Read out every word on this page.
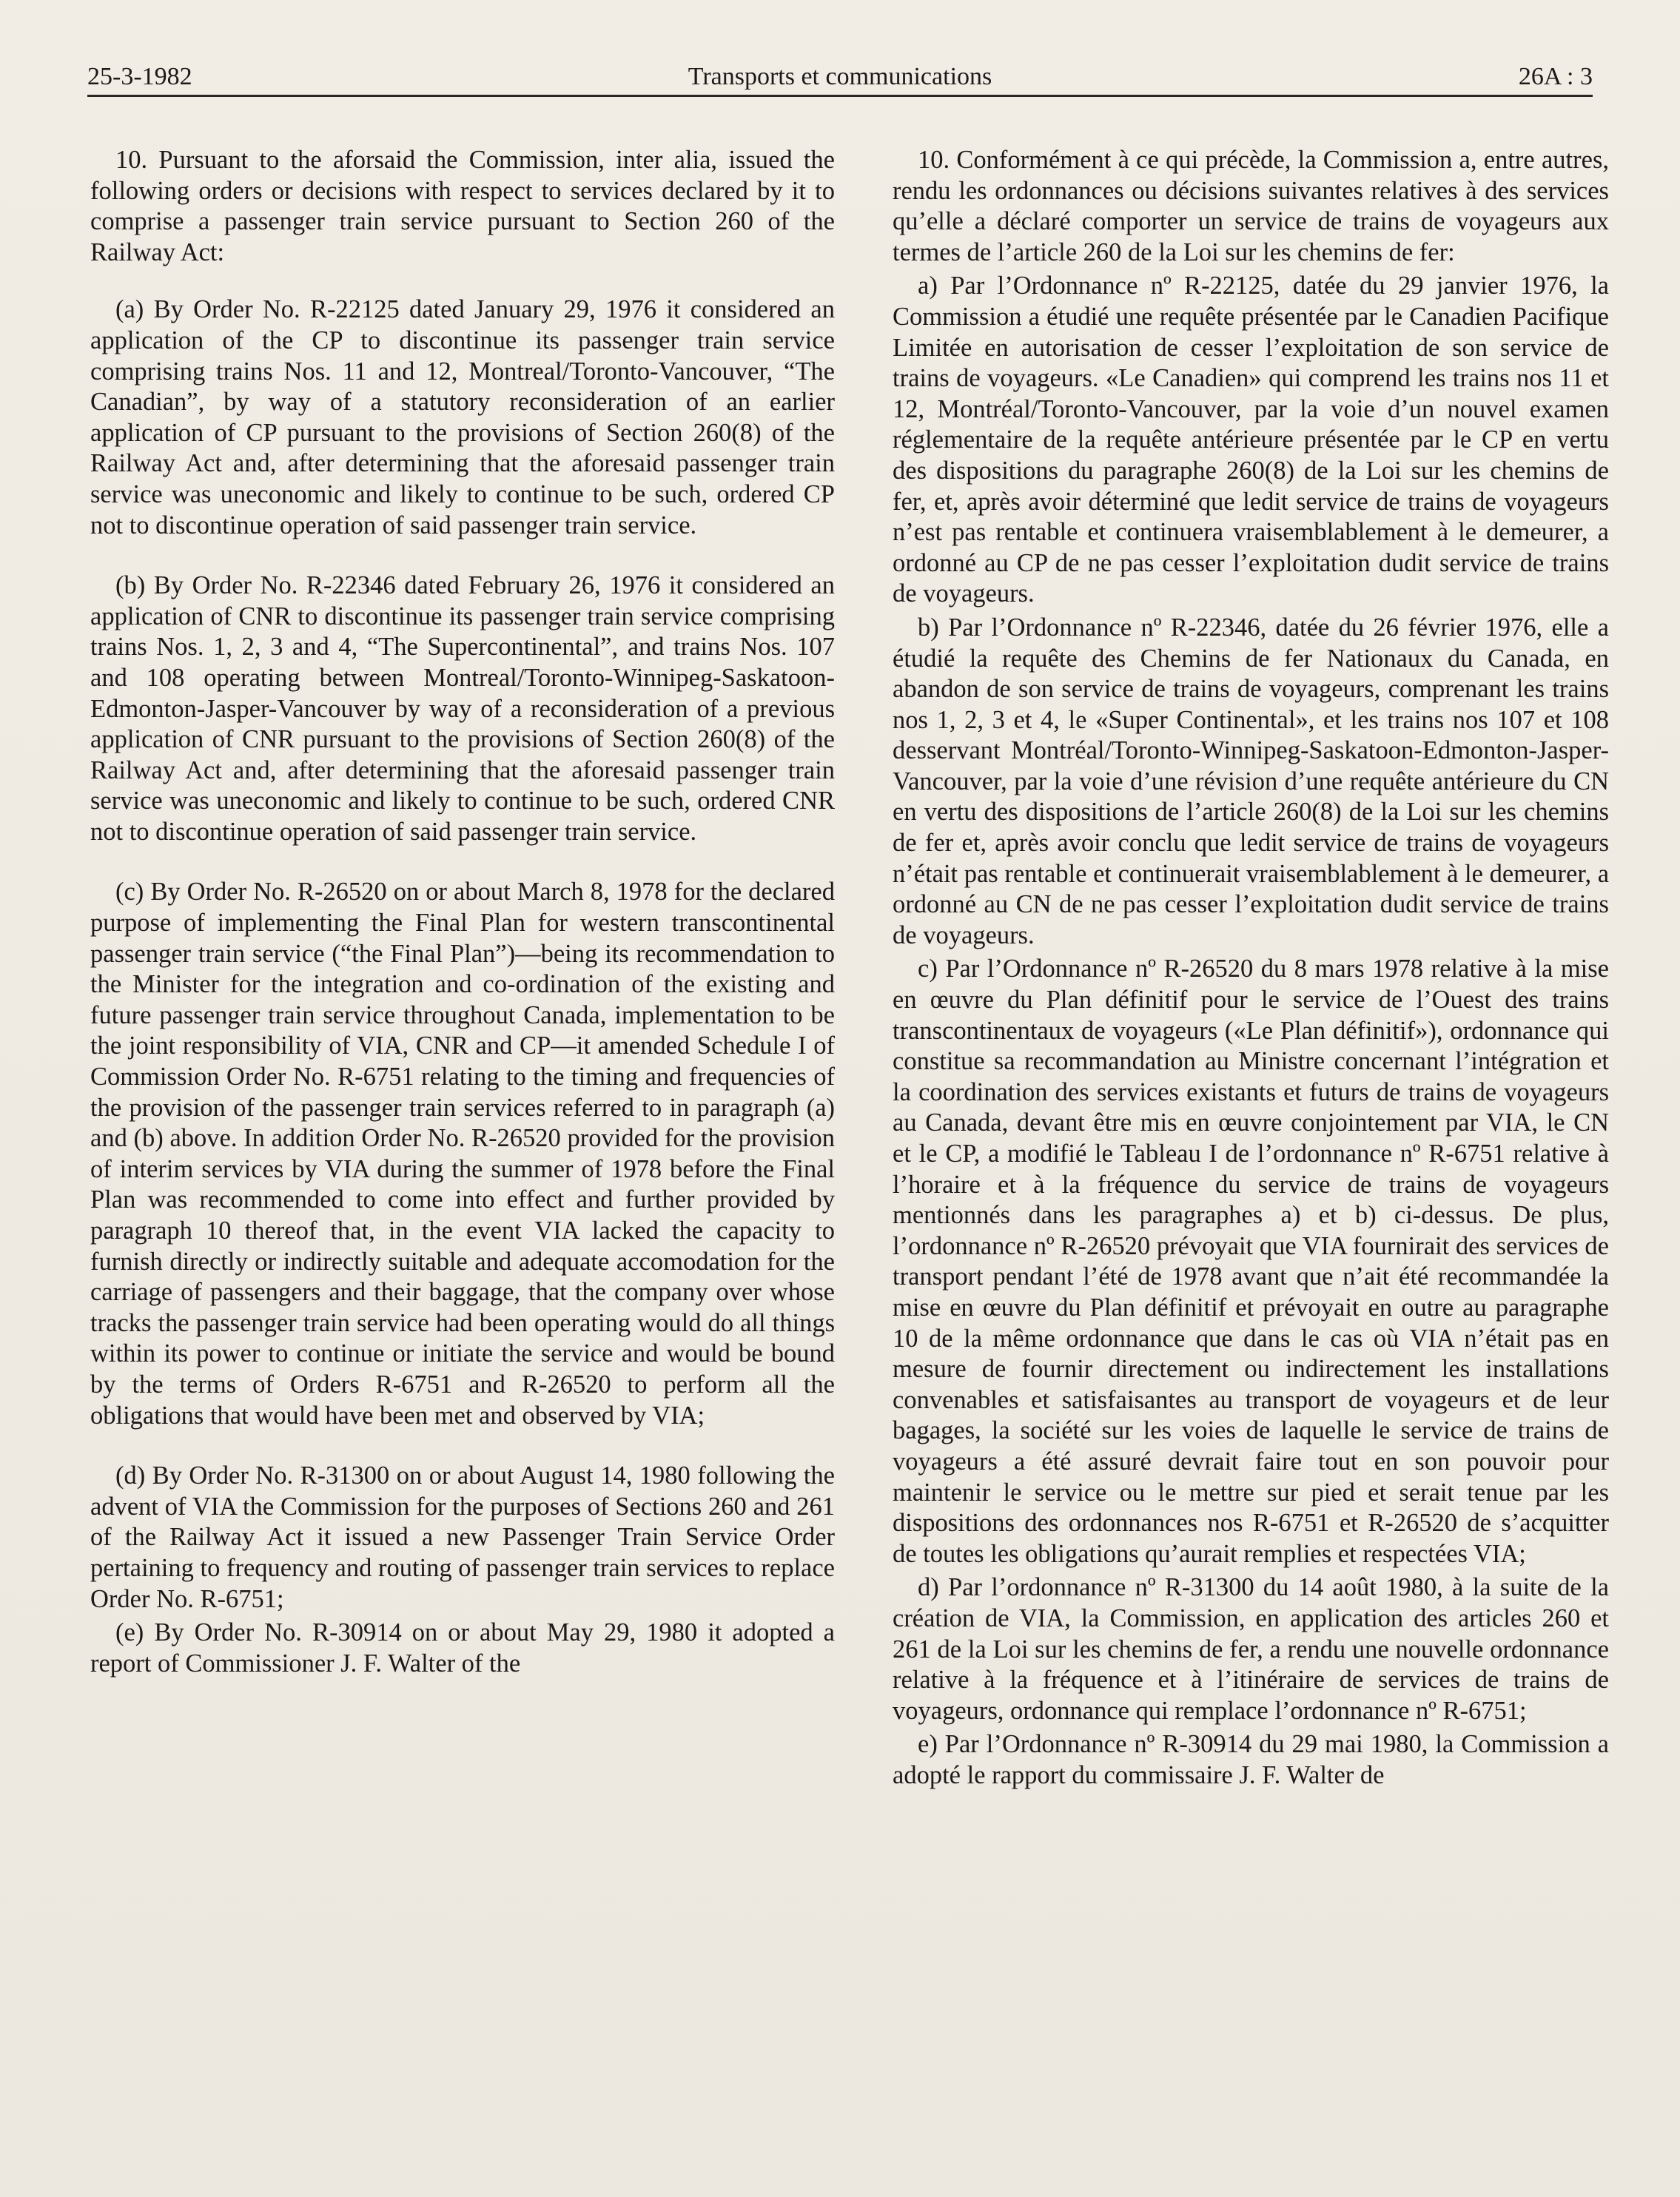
25-3-1982	Transports et communications	26A : 3

10. Pursuant to the aforsaid the Commission, inter alia, issued the following orders or decisions with respect to services declared by it to comprise a passenger train service pursuant to Section 260 of the Railway Act:

(a) By Order No. R-22125 dated January 29, 1976 it considered an application of the CP to discontinue its passenger train service comprising trains Nos. 11 and 12, Montreal/Toronto-Vancouver, “The Canadian”, by way of a statutory reconsideration of an earlier application of CP pursuant to the provisions of Section 260(8) of the Railway Act and, after determining that the aforesaid passenger train service was uneconomic and likely to continue to be such, ordered CP not to discontinue operation of said passenger train service.

(b) By Order No. R-22346 dated February 26, 1976 it considered an application of CNR to discontinue its passenger train service comprising trains Nos. 1, 2, 3 and 4, “The Supercontinental”, and trains Nos. 107 and 108 operating between Montreal/Toronto-Winnipeg-Saskatoon-Edmonton-Jasper-Vancouver by way of a reconsideration of a previous application of CNR pursuant to the provisions of Section 260(8) of the Railway Act and, after determining that the aforesaid passenger train service was uneconomic and likely to continue to be such, ordered CNR not to discontinue operation of said passenger train service.

(c) By Order No. R-26520 on or about March 8, 1978 for the declared purpose of implementing the Final Plan for western transcontinental passenger train service (“the Final Plan”)—being its recommendation to the Minister for the integration and co-ordination of the existing and future passenger train service throughout Canada, implementation to be the joint responsibility of VIA, CNR and CP—it amended Schedule I of Commission Order No. R-6751 relating to the timing and frequencies of the provision of the passenger train services referred to in paragraph (a) and (b) above. In addition Order No. R-26520 provided for the provision of interim services by VIA during the summer of 1978 before the Final Plan was recommended to come into effect and further provided by paragraph 10 thereof that, in the event VIA lacked the capacity to furnish directly or indirectly suitable and adequate accomodation for the carriage of passengers and their baggage, that the company over whose tracks the passenger train service had been operating would do all things within its power to continue or initiate the service and would be bound by the terms of Orders R-6751 and R-26520 to perform all the obligations that would have been met and observed by VIA;

(d) By Order No. R-31300 on or about August 14, 1980 following the advent of VIA the Commission for the purposes of Sections 260 and 261 of the Railway Act it issued a new Passenger Train Service Order pertaining to frequency and routing of passenger train services to replace Order No. R-6751;

(e) By Order No. R-30914 on or about May 29, 1980 it adopted a report of Commissioner J. F. Walter of the

10. Conformément à ce qui précède, la Commission a, entre autres, rendu les ordonnances ou décisions suivantes relatives à des services qu’elle a déclaré comporter un service de trains de voyageurs aux termes de l’article 260 de la Loi sur les chemins de fer:

a) Par l’Ordonnance nº R-22125, datée du 29 janvier 1976, la Commission a étudié une requête présentée par le Canadien Pacifique Limitée en autorisation de cesser l’exploitation de son service de trains de voyageurs. «Le Canadien» qui comprend les trains nos 11 et 12, Montréal/Toronto-Vancouver, par la voie d’un nouvel examen réglementaire de la requête antérieure présentée par le CP en vertu des dispositions du paragraphe 260(8) de la Loi sur les chemins de fer, et, après avoir déterminé que ledit service de trains de voyageurs n’est pas rentable et continuera vraisemblablement à le demeurer, a ordonné au CP de ne pas cesser l’exploitation dudit service de trains de voyageurs.

b) Par l’Ordonnance nº R-22346, datée du 26 février 1976, elle a étudié la requête des Chemins de fer Nationaux du Canada, en abandon de son service de trains de voyageurs, comprenant les trains nos 1, 2, 3 et 4, le «Super Continental», et les trains nos 107 et 108 desservant Montréal/Toronto-Winnipeg-Saskatoon-Edmonton-Jasper-Vancouver, par la voie d’une révision d’une requête antérieure du CN en vertu des dispositions de l’article 260(8) de la Loi sur les chemins de fer et, après avoir conclu que ledit service de trains de voyageurs n’était pas rentable et continuerait vraisemblablement à le demeurer, a ordonné au CN de ne pas cesser l’exploitation dudit service de trains de voyageurs.

c) Par l’Ordonnance nº R-26520 du 8 mars 1978 relative à la mise en œuvre du Plan définitif pour le service de l’Ouest des trains transcontinentaux de voyageurs («Le Plan définitif»), ordonnance qui constitue sa recommandation au Ministre concernant l’intégration et la coordination des services existants et futurs de trains de voyageurs au Canada, devant être mis en œuvre conjointement par VIA, le CN et le CP, a modifié le Tableau I de l’ordonnance nº R-6751 relative à l’horaire et à la fréquence du service de trains de voyageurs mentionnés dans les paragraphes a) et b) ci-dessus. De plus, l’ordonnance nº R-26520 prévoyait que VIA fournirait des services de transport pendant l’été de 1978 avant que n’ait été recommandée la mise en œuvre du Plan définitif et prévoyait en outre au paragraphe 10 de la même ordonnance que dans le cas où VIA n’était pas en mesure de fournir directement ou indirectement les installations convenables et satisfaisantes au transport de voyageurs et de leur bagages, la société sur les voies de laquelle le service de trains de voyageurs a été assuré devrait faire tout en son pouvoir pour maintenir le service ou le mettre sur pied et serait tenue par les dispositions des ordonnances nos R-6751 et R-26520 de s’acquitter de toutes les obligations qu’aurait remplies et respectées VIA;

d) Par l’ordonnance nº R-31300 du 14 août 1980, à la suite de la création de VIA, la Commission, en application des articles 260 et 261 de la Loi sur les chemins de fer, a rendu une nouvelle ordonnance relative à la fréquence et à l’itinéraire de services de trains de voyageurs, ordonnance qui remplace l’ordonnance nº R-6751;

e) Par l’Ordonnance nº R-30914 du 29 mai 1980, la Commission a adopté le rapport du commissaire J. F. Walter de
